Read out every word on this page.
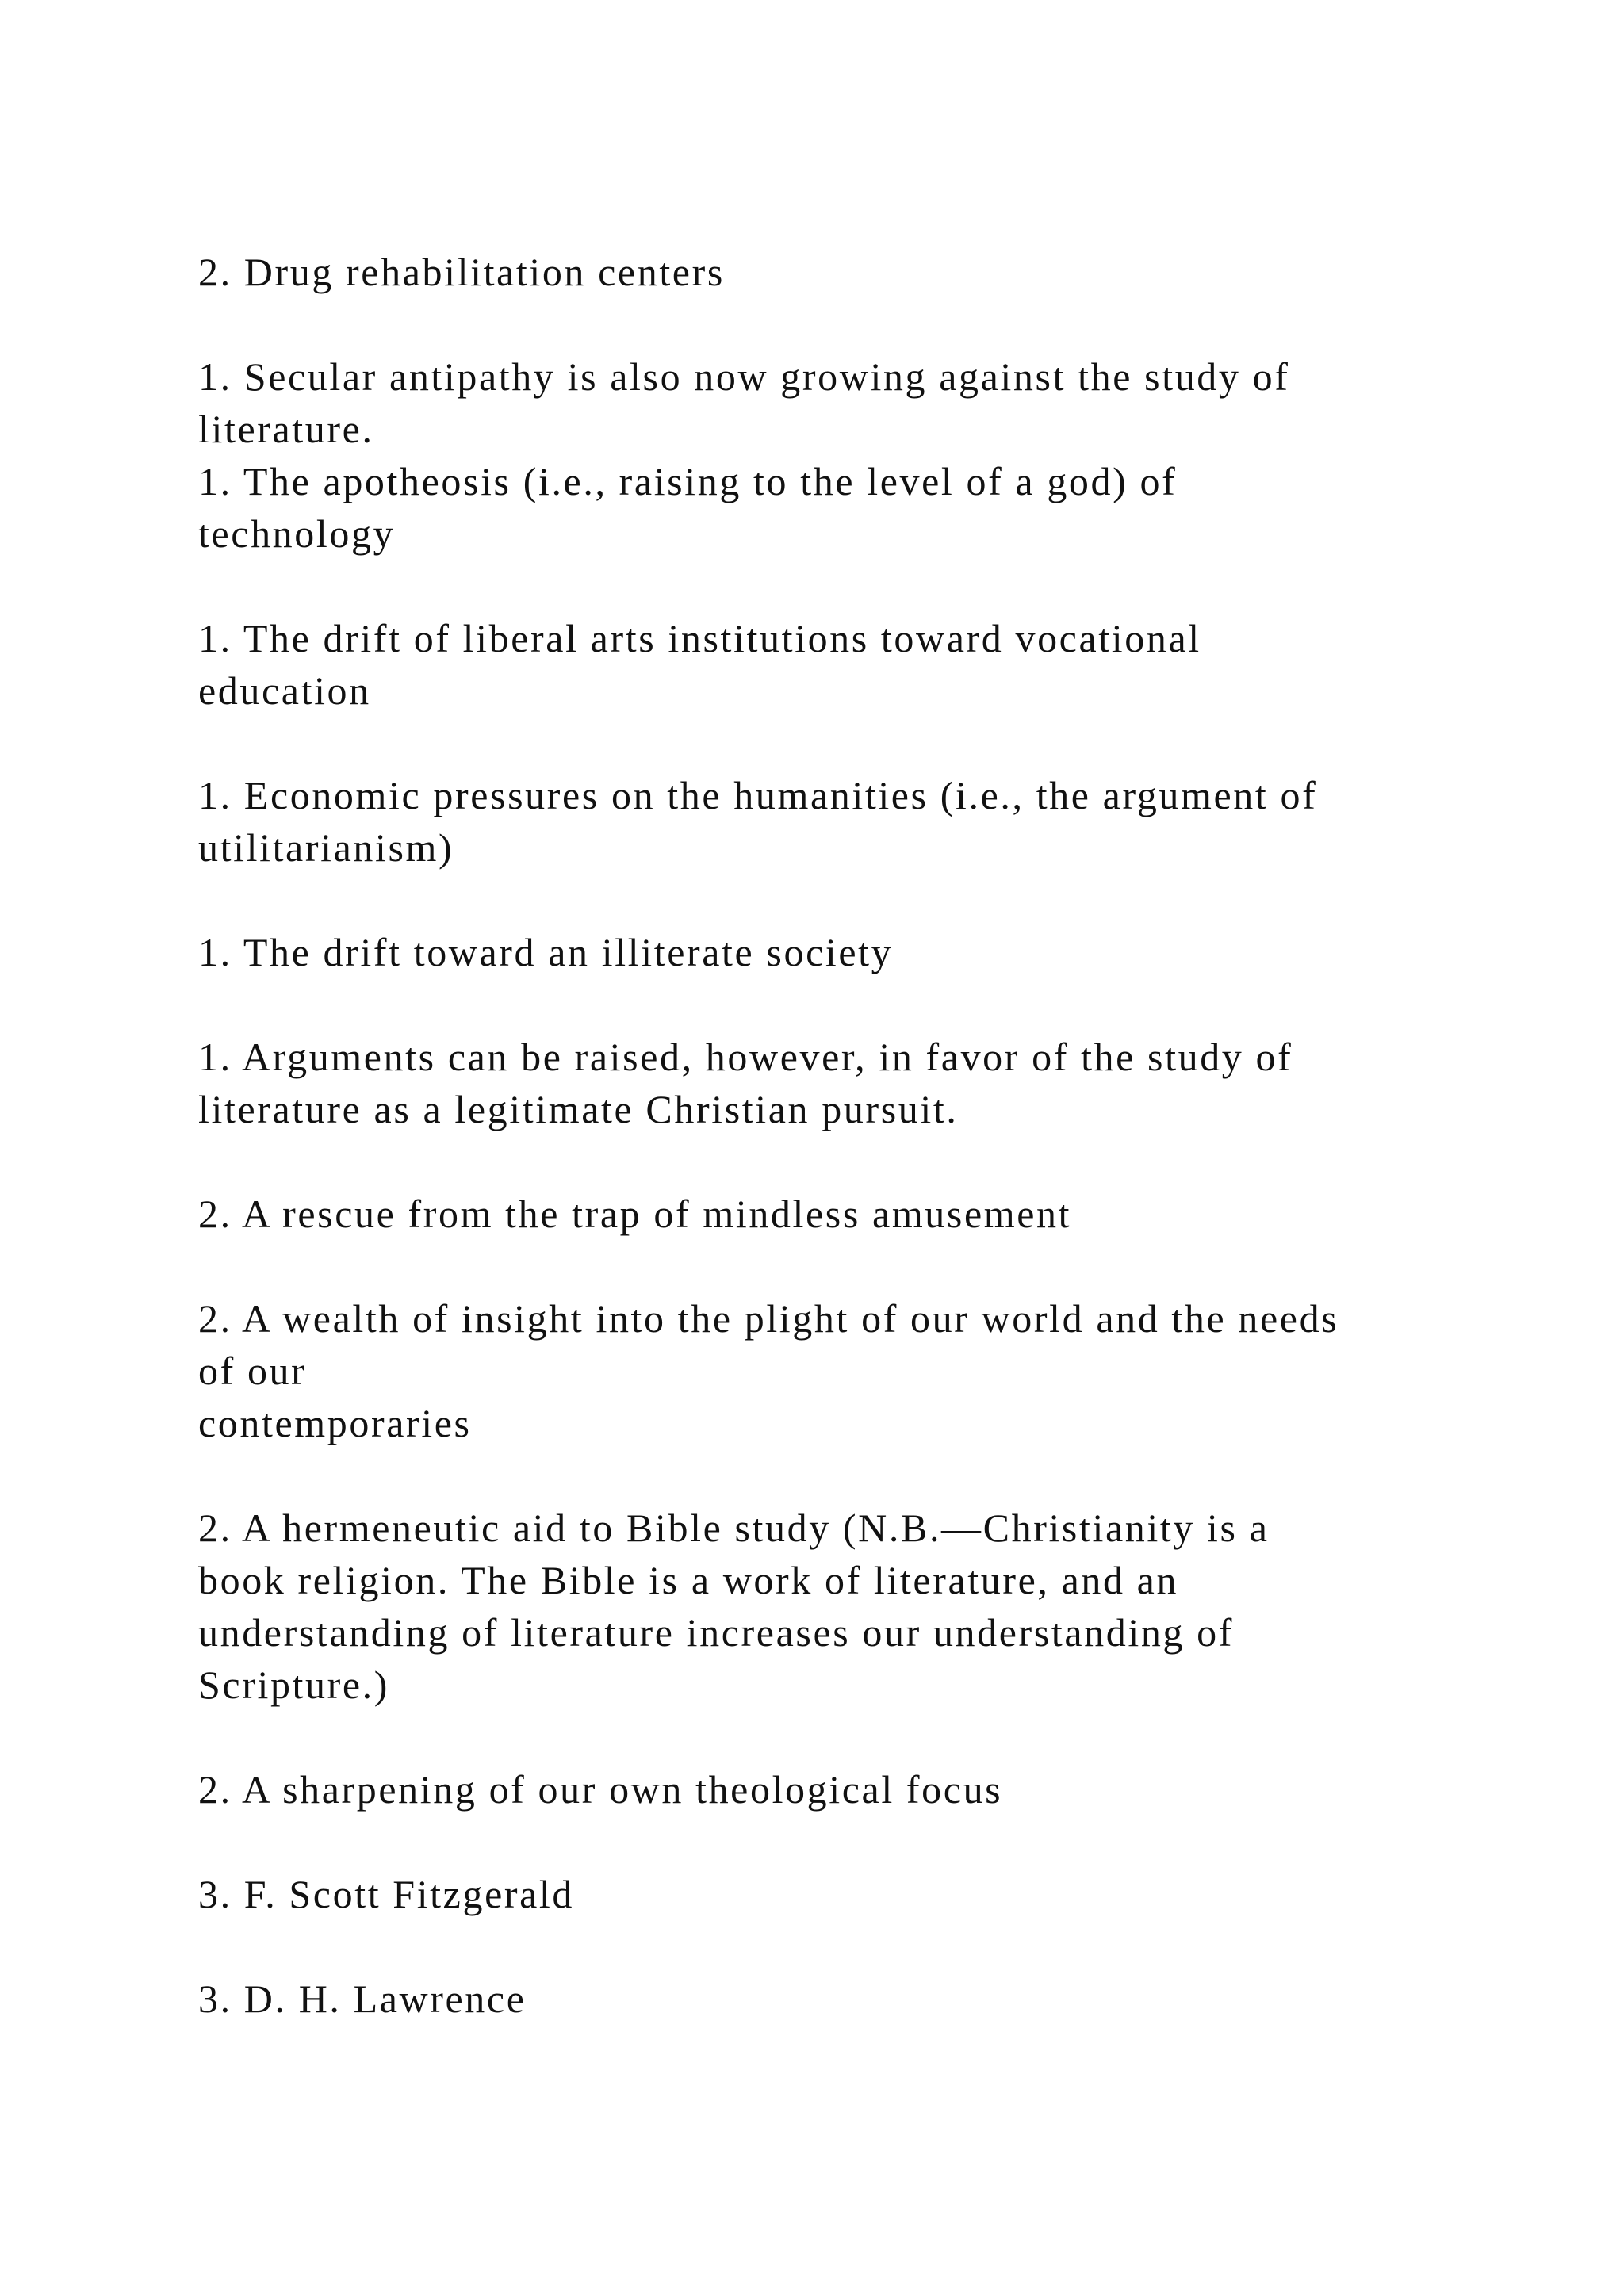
2. Drug rehabilitation centers

1. Secular antipathy is also now growing against the study of
literature.

1. The apotheosis (i.e., raising to the level of a god) of
technology

1. The drift of liberal arts institutions toward vocational
education

1. Economic pressures on the humanities (i.e., the argument of
utilitarianism)

1. The drift toward an illiterate society

1. Arguments can be raised, however, in favor of the study of
literature as a legitimate Christian pursuit.

2. A rescue from the trap of mindless amusement

2. A wealth of insight into the plight of our world and the needs
of our
contemporaries

2. A hermeneutic aid to Bible study (N.B.—Christianity is a
book religion. The Bible is a work of literature, and an
understanding of literature increases our understanding of
Scripture.)

2. A sharpening of our own theological focus

3. F. Scott Fitzgerald

3. D. H. Lawrence
